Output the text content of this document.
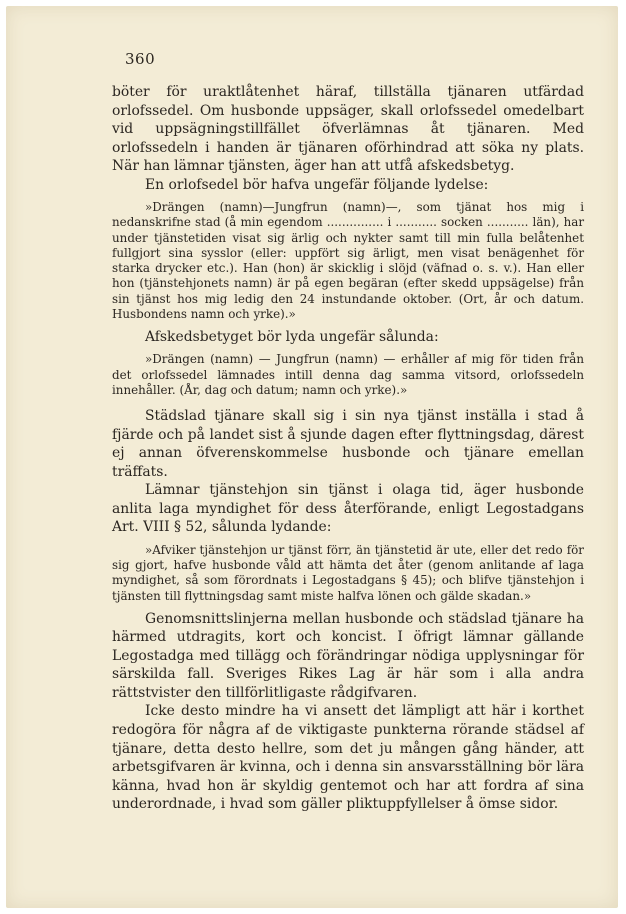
360

böter för uraktlåtenhet häraf, tillställa tjänaren utfärdad orlofssedel. Om husbonde uppsäger, skall orlofssedel omedelbart vid uppsägningstillfället öfverlämnas åt tjänaren. Med orlofssedeln i handen är tjänaren oförhindrad att söka ny plats. När han lämnar tjänsten, äger han att utfå afskedsbetyg.

En orlofsedel bör hafva ungefär följande lydelse:

»Drängen (namn)—Jungfrun (namn)—, som tjänat hos mig i nedanskrifne stad (å min egendom ............... i ........... socken ........... län), har under tjänstetiden visat sig ärlig och nykter samt till min fulla belåtenhet fullgjort sina sysslor (eller: uppfört sig ärligt, men visat benägenhet för starka drycker etc.). Han (hon) är skicklig i slöjd (väfnad o. s. v.). Han eller hon (tjänstehjonets namn) är på egen begäran (efter skedd uppsägelse) från sin tjänst hos mig ledig den 24 instundande oktober. (Ort, år och datum. Husbondens namn och yrke).»

Afskedsbetyget bör lyda ungefär sålunda:

»Drängen (namn) — Jungfrun (namn) — erhåller af mig för tiden från det orlofssedel lämnades intill denna dag samma vitsord, orlofssedeln innehåller. (År, dag och datum; namn och yrke).»

Städslad tjänare skall sig i sin nya tjänst inställa i stad å fjärde och på landet sist å sjunde dagen efter flyttningsdag, därest ej annan öfverenskommelse husbonde och tjänare emellan träffats.

Lämnar tjänstehjon sin tjänst i olaga tid, äger husbonde anlita laga myndighet för dess återförande, enligt Legostadgans Art. VIII § 52, sålunda lydande:

»Afviker tjänstehjon ur tjänst förr, än tjänstetid är ute, eller det redo för sig gjort, hafve husbonde våld att hämta det åter (genom anlitande af laga myndighet, så som förordnats i Legostadgans § 45); och blifve tjänstehjon i tjänsten till flyttningsdag samt miste halfva lönen och gälde skadan.»

Genomsnittslinjerna mellan husbonde och städslad tjänare ha härmed utdragits, kort och koncist. I öfrigt lämnar gällande Legostadga med tillägg och förändringar nödiga upplysningar för särskilda fall. Sveriges Rikes Lag är här som i alla andra rättstvister den tillförlitligaste rådgifvaren.

Icke desto mindre ha vi ansett det lämpligt att här i korthet redogöra för några af de viktigaste punkterna rörande städsel af tjänare, detta desto hellre, som det ju mången gång händer, att arbetsgifvaren är kvinna, och i denna sin ansvarsställning bör lära känna, hvad hon är skyldig gentemot och har att fordra af sina underordnade, i hvad som gäller pliktuppfyllelser å ömse sidor.
